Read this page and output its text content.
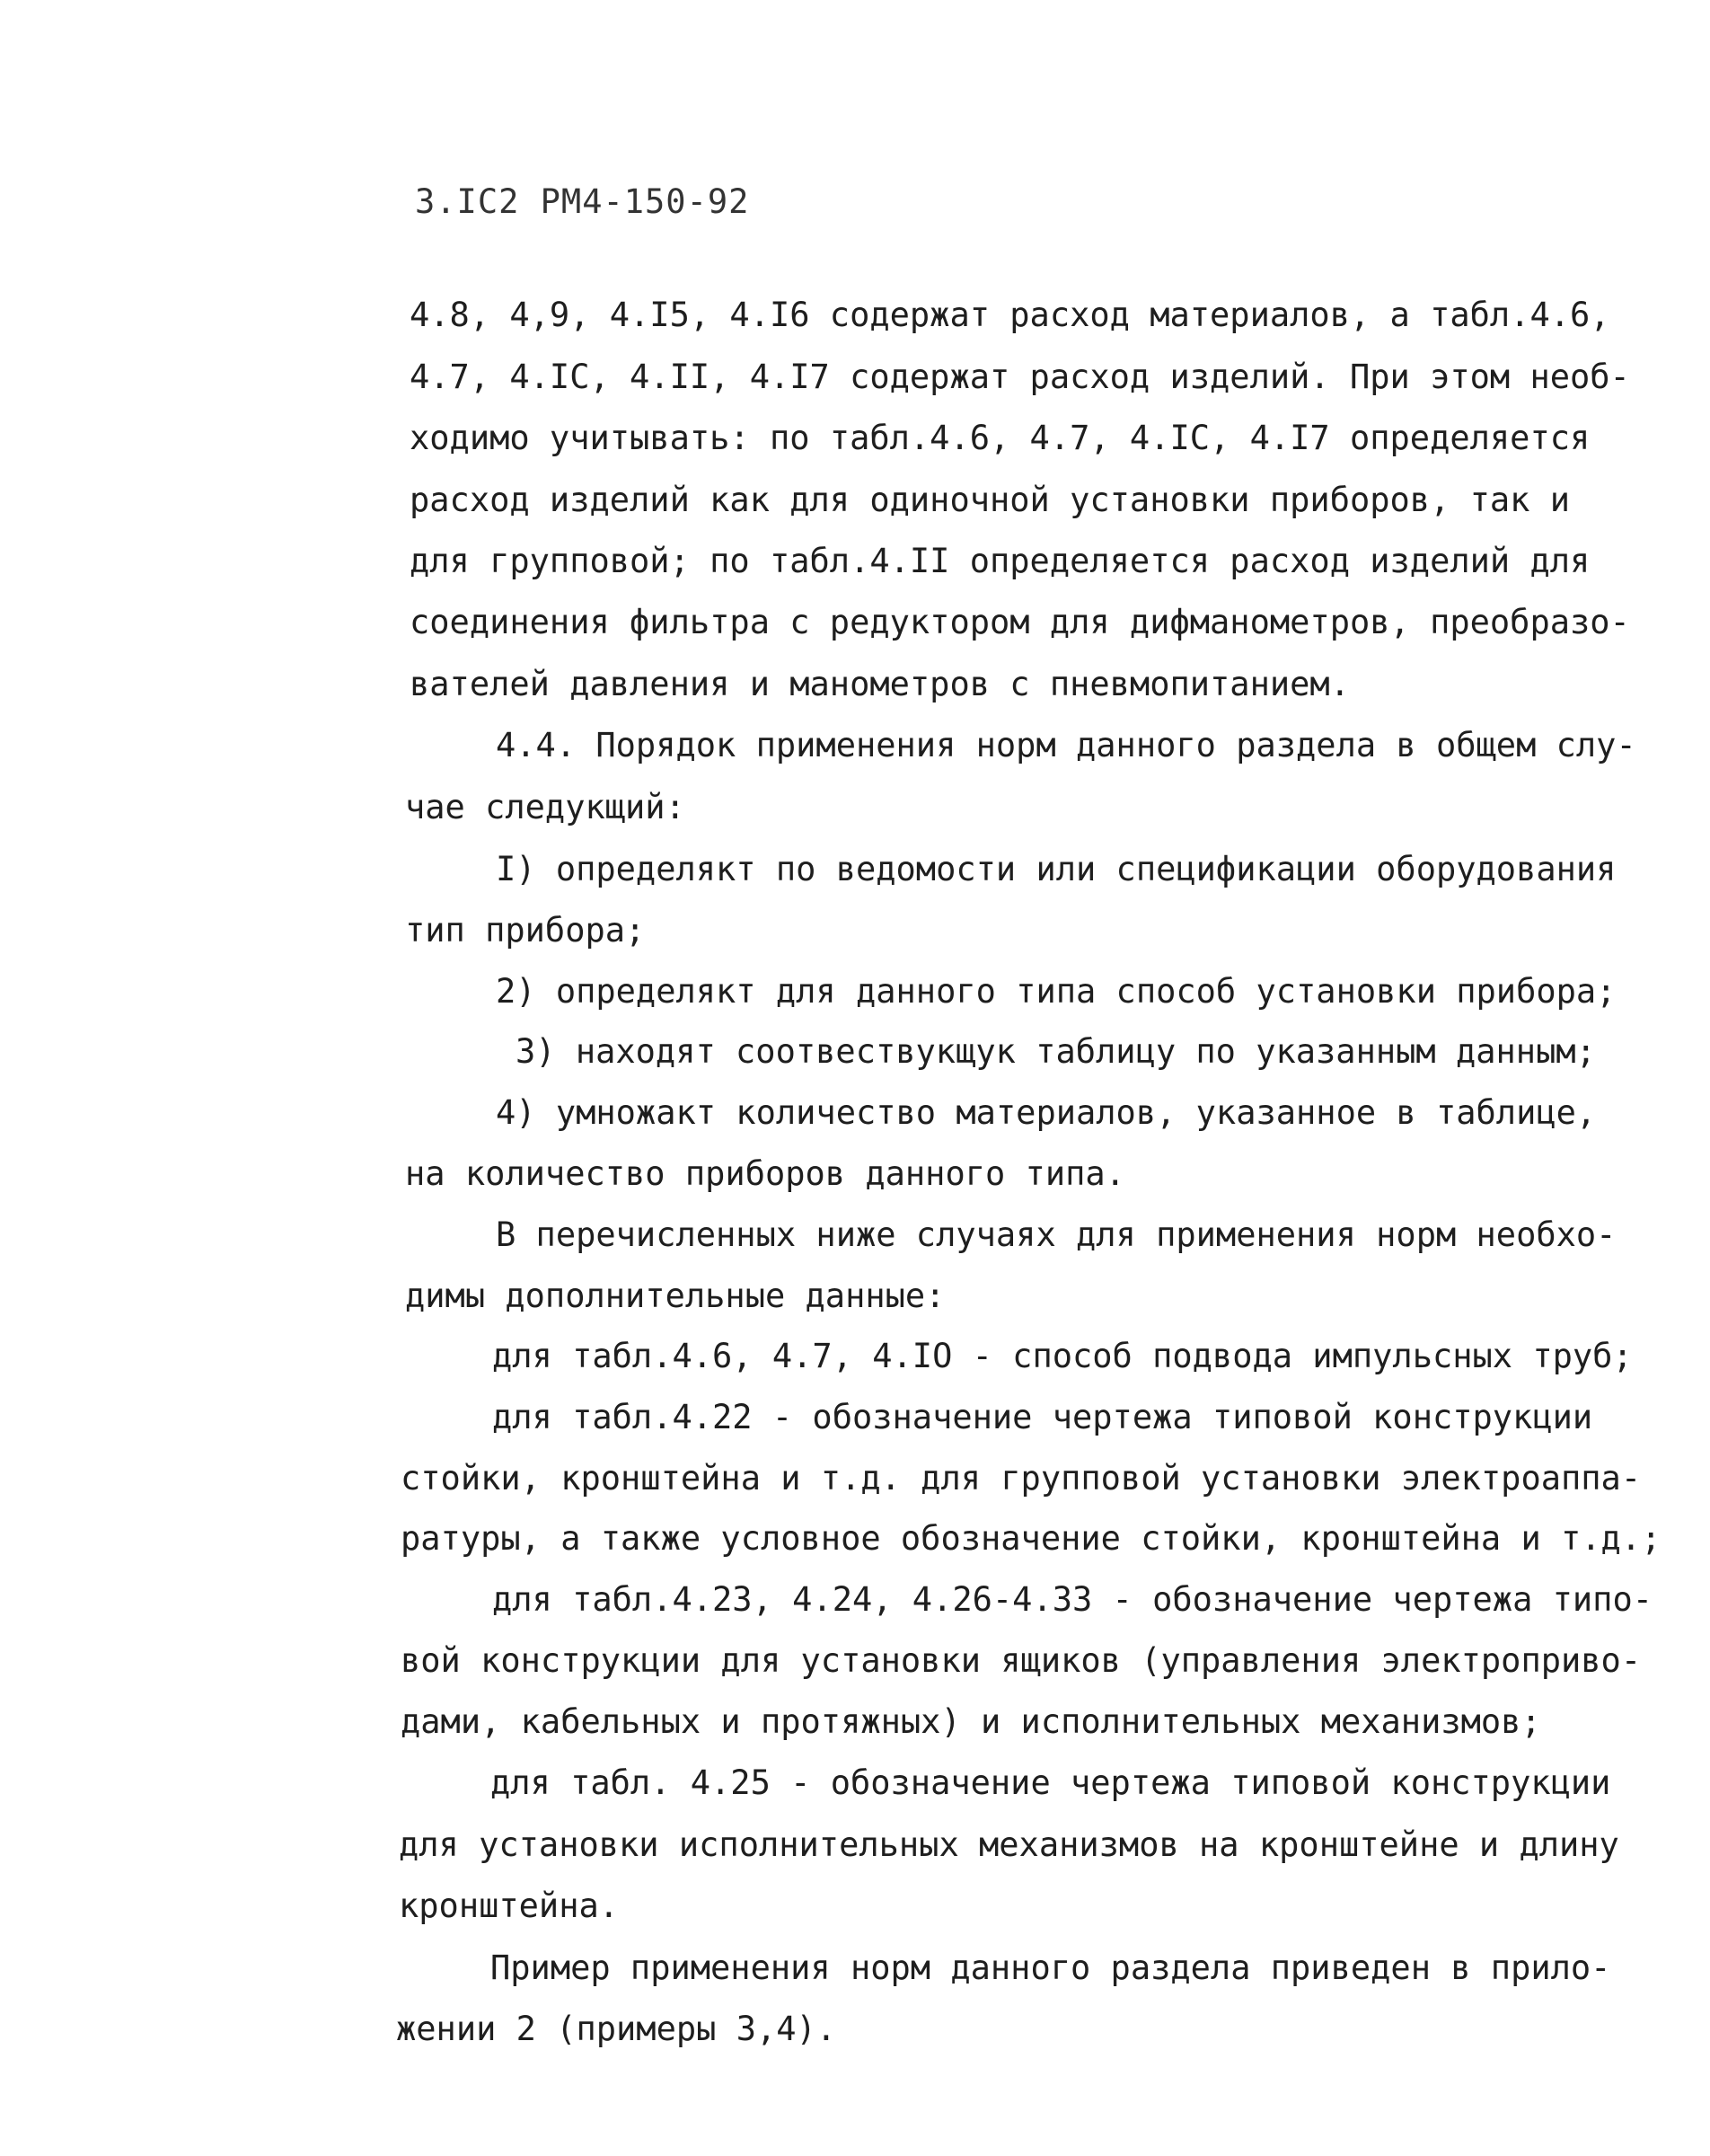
3.IC2 РМ4-150-92
4.8, 4,9, 4.I5, 4.I6 содержат расход материалов, а табл.4.6,
4.7, 4.IC, 4.II, 4.I7 содержат расход изделий. При этом необ-
ходимо учитывать: по табл.4.6, 4.7, 4.IC, 4.I7 определяется
расход изделий как для одиночной установки приборов, так и
для групповой; по табл.4.II определяется расход изделий для
соединения фильтра с редуктором для дифманометров, преобразо-
вателей давления и манометров с пневмопитанием.
4.4. Порядок применения норм данного раздела в общем слу-
чае следукщий:
I) определякт по ведомости или спецификации оборудования
тип прибора;
2) определякт для данного типа способ установки прибора;
3) находят соотвествукщук таблицу по указанным данным;
4) умножакт количество материалов, указанное в таблице,
на количество приборов данного типа.
В перечисленных ниже случаях для применения норм необхо-
димы дополнительные данные:
для табл.4.6, 4.7, 4.IO - способ подвода импульсных труб;
для табл.4.22 - обозначение чертежа типовой конструкции
стойки, кронштейна и т.д. для групповой установки электроаппа-
ратуры, а также условное обозначение стойки, кронштейна и т.д.;
для табл.4.23, 4.24, 4.26-4.33 - обозначение чертежа типо-
вой конструкции для установки ящиков (управления электроприво-
дами, кабельных и протяжных) и исполнительных механизмов;
для табл. 4.25 - обозначение чертежа типовой конструкции
для установки исполнительных механизмов на кронштейне и длину
кронштейна.
Пример применения норм данного раздела приведен в прило-
жении 2 (примеры 3,4).
